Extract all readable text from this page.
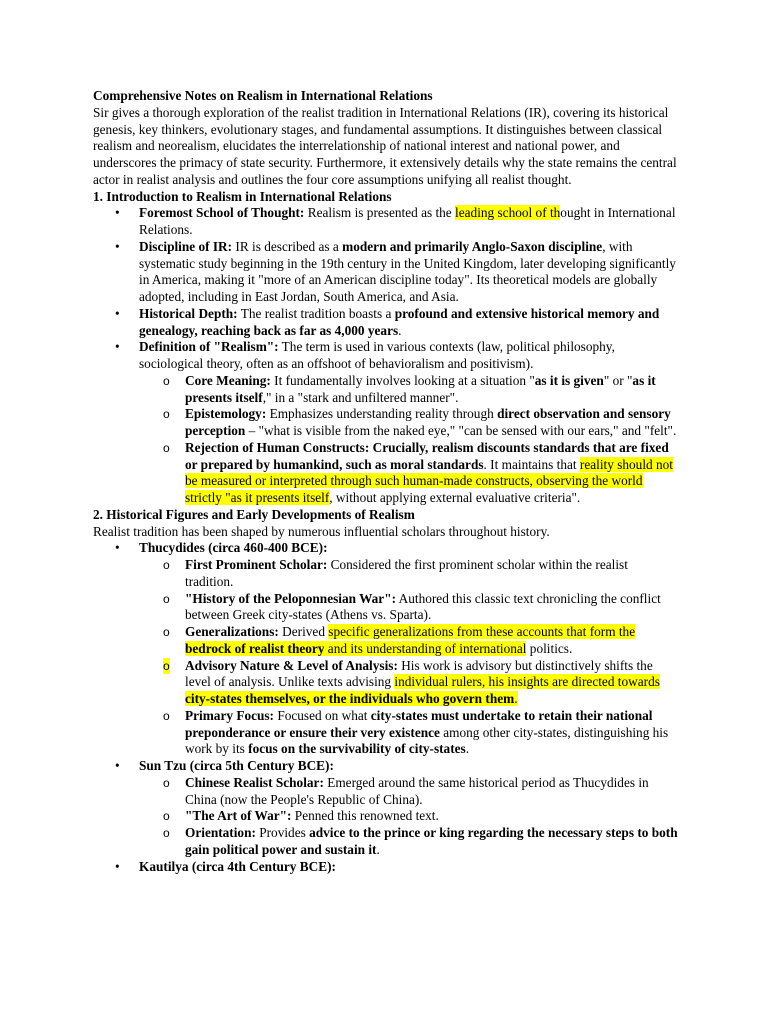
Comprehensive Notes on Realism in International Relations

Sir gives a thorough exploration of the realist tradition in International Relations (IR), covering its historical genesis, key thinkers, evolutionary stages, and fundamental assumptions. It distinguishes between classical realism and neorealism, elucidates the interrelationship of national interest and national power, and underscores the primacy of state security. Furthermore, it extensively details why the state remains the central actor in realist analysis and outlines the four core assumptions unifying all realist thought.

1. Introduction to Realism in International Relations

• Foremost School of Thought: Realism is presented as the leading school of thought in International Relations.
• Discipline of IR: IR is described as a modern and primarily Anglo-Saxon discipline, with systematic study beginning in the 19th century in the United Kingdom, later developing significantly in America, making it "more of an American discipline today". Its theoretical models are globally adopted, including in East Jordan, South America, and Asia.
• Historical Depth: The realist tradition boasts a profound and extensive historical memory and genealogy, reaching back as far as 4,000 years.
• Definition of "Realism": The term is used in various contexts (law, political philosophy, sociological theory, often as an offshoot of behavioralism and positivism).
o Core Meaning: It fundamentally involves looking at a situation "as it is given" or "as it presents itself," in a "stark and unfiltered manner".
o Epistemology: Emphasizes understanding reality through direct observation and sensory perception – "what is visible from the naked eye," "can be sensed with our ears," and "felt".
o Rejection of Human Constructs: Crucially, realism discounts standards that are fixed or prepared by humankind, such as moral standards. It maintains that reality should not be measured or interpreted through such human-made constructs, observing the world strictly "as it presents itself, without applying external evaluative criteria".

2. Historical Figures and Early Developments of Realism

Realist tradition has been shaped by numerous influential scholars throughout history.

• Thucydides (circa 460-400 BCE):
o First Prominent Scholar: Considered the first prominent scholar within the realist tradition.
o "History of the Peloponnesian War": Authored this classic text chronicling the conflict between Greek city-states (Athens vs. Sparta).
o Generalizations: Derived specific generalizations from these accounts that form the bedrock of realist theory and its understanding of international politics.
o Advisory Nature & Level of Analysis: His work is advisory but distinctively shifts the level of analysis. Unlike texts advising individual rulers, his insights are directed towards city-states themselves, or the individuals who govern them.
o Primary Focus: Focused on what city-states must undertake to retain their national preponderance or ensure their very existence among other city-states, distinguishing his work by its focus on the survivability of city-states.
• Sun Tzu (circa 5th Century BCE):
o Chinese Realist Scholar: Emerged around the same historical period as Thucydides in China (now the People's Republic of China).
o "The Art of War": Penned this renowned text.
o Orientation: Provides advice to the prince or king regarding the necessary steps to both gain political power and sustain it.
• Kautilya (circa 4th Century BCE):
